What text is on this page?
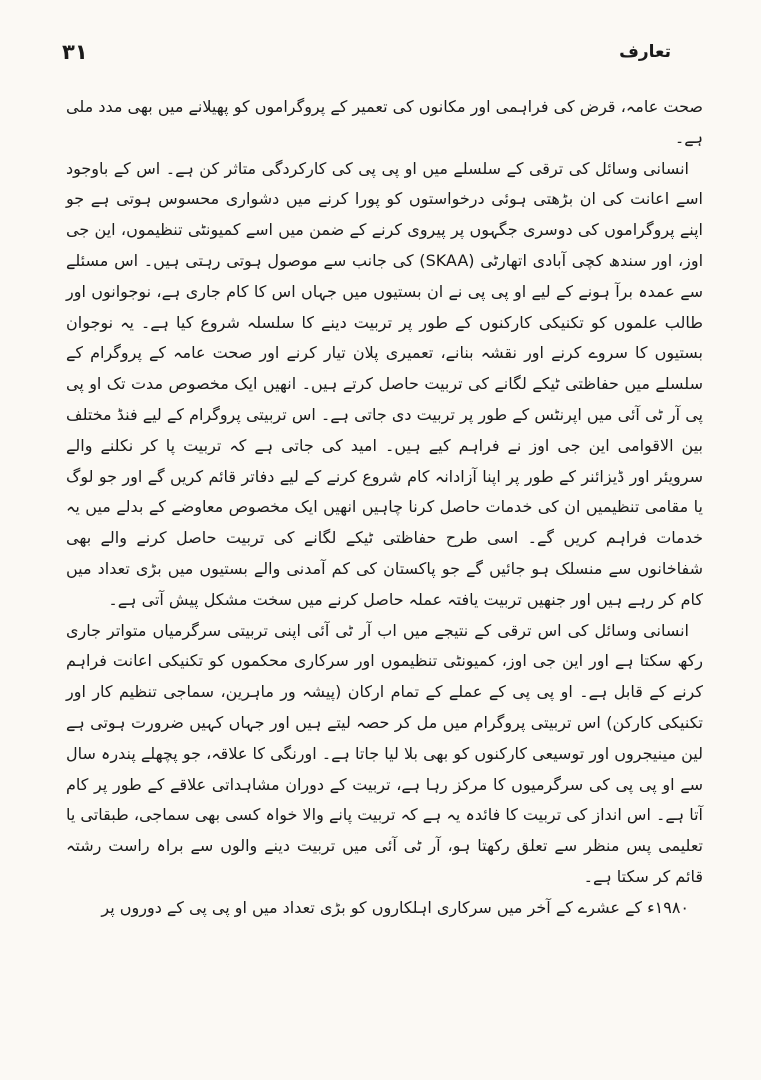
تعارف
۳۱

صحت عامہ، قرض کی فراہمی اور مکانوں کی تعمیر کے پروگراموں کو پھیلانے میں بھی مدد ملی ہے۔

انسانی وسائل کی ترقی کے سلسلے میں او پی پی کی کارکردگی متاثر کن ہے۔ اس کے باوجود اسے اعانت کی ان بڑھتی ہوئی درخواستوں کو پورا کرنے میں دشواری محسوس ہوتی ہے جو اپنے پروگراموں کی دوسری جگہوں پر پیروی کرنے کے ضمن میں اسے کمیونٹی تنظیموں، این جی اوز، اور سندھ کچی آبادی اتھارٹی (SKAA) کی جانب سے موصول ہوتی رہتی ہیں۔ اس مسئلے سے عمدہ برآ ہونے کے لیے او پی پی نے ان بستیوں میں جہاں اس کا کام جاری ہے، نوجوانوں اور طالب علموں کو تکنیکی کارکنوں کے طور پر تربیت دینے کا سلسلہ شروع کیا ہے۔ یہ نوجوان بستیوں کا سروے کرنے اور نقشہ بنانے، تعمیری پلان تیار کرنے اور صحت عامہ کے پروگرام کے سلسلے میں حفاظتی ٹیکے لگانے کی تربیت حاصل کرتے ہیں۔ انھیں ایک مخصوص مدت تک او پی پی آر ٹی آئی میں اپرنٹس کے طور پر تربیت دی جاتی ہے۔ اس تربیتی پروگرام کے لیے فنڈ مختلف بین الاقوامی این جی اوز نے فراہم کیے ہیں۔ امید کی جاتی ہے کہ تربیت پا کر نکلنے والے سرویئر اور ڈیزائنر کے طور پر اپنا آزادانہ کام شروع کرنے کے لیے دفاتر قائم کریں گے اور جو لوگ یا مقامی تنظیمیں ان کی خدمات حاصل کرنا چاہیں انھیں ایک مخصوص معاوضے کے بدلے میں یہ خدمات فراہم کریں گے۔ اسی طرح حفاظتی ٹیکے لگانے کی تربیت حاصل کرنے والے بھی شفاخانوں سے منسلک ہو جائیں گے جو پاکستان کی کم آمدنی والے بستیوں میں بڑی تعداد میں کام کر رہے ہیں اور جنھیں تربیت یافتہ عملہ حاصل کرنے میں سخت مشکل پیش آتی ہے۔

انسانی وسائل کی اس ترقی کے نتیجے میں اب آر ٹی آئی اپنی تربیتی سرگرمیاں متواتر جاری رکھ سکتا ہے اور این جی اوز، کمیونٹی تنظیموں اور سرکاری محکموں کو تکنیکی اعانت فراہم کرنے کے قابل ہے۔ او پی پی کے عملے کے تمام ارکان (پیشہ ور ماہرین، سماجی تنظیم کار اور تکنیکی کارکن) اس تربیتی پروگرام میں مل کر حصہ لیتے ہیں اور جہاں کہیں ضرورت ہوتی ہے لین مینیجروں اور توسیعی کارکنوں کو بھی بلا لیا جاتا ہے۔ اورنگی کا علاقہ، جو پچھلے پندرہ سال سے او پی پی کی سرگرمیوں کا مرکز رہا ہے، تربیت کے دوران مشاہداتی علاقے کے طور پر کام آتا ہے۔ اس انداز کی تربیت کا فائدہ یہ ہے کہ تربیت پانے والا خواہ کسی بھی سماجی، طبقاتی یا تعلیمی پس منظر سے تعلق رکھتا ہو، آر ٹی آئی میں تربیت دینے والوں سے براہ راست رشتہ قائم کر سکتا ہے۔

۱۹۸۰ء کے عشرے کے آخر میں سرکاری اہلکاروں کو بڑی تعداد میں او پی پی کے دوروں پر
